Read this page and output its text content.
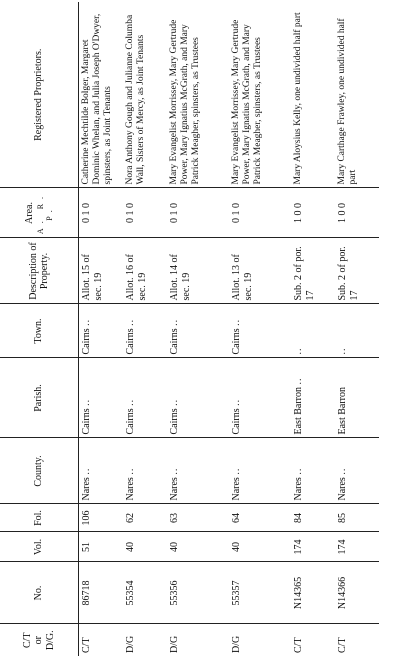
C/T or D/G.	No.	Vol.	Fol.	County.	Parish.	Town.	Description of Property.	Area. A. R. P.	Registered Proprietors.
C/T	86718	51	106	Nares ..	Cairns ..	Cairns ..	Allot. 15 of sec. 19	0 1 0	Catherine Mechtilde Bolger, Margaret Dominic Whelan, and Julia Joseph O'Dwyer, spinsters, as Joint Tenants
D/G	55354	40	62	Nares ..	Cairns ..	Cairns ..	Allot. 16 of sec. 19	0 1 0	Nora Anthony Gough and Julianne Columba Wall, Sisters of Mercy, as Joint Tenants
D/G	55356	40	63	Nares ..	Cairns ..	Cairns ..	Allot. 14 of sec. 19	0 1 0	Mary Evangelist Morrissey, Mary Gertrude Power, Mary Ignatius McGrath, and Mary Patrick Meagher, spinsters, as Trustees
D/G	55357	40	64	Nares ..	Cairns ..	Cairns ..	Allot. 13 of sec. 19	0 1 0	Mary Evangelist Morrissey, Mary Gertrude Power, Mary Ignatius McGrath, and Mary Patrick Meagher, spinsters, as Trustees
C/T	N14365	174	84	Nares ..	East Barron ..	..	Sub. 2 of por. 17	1 0 0	Mary Aloysius Kelly, one undivided half part
C/T	N14366	174	85	Nares ..	East Barron	..	Sub. 2 of por. 17	1 0 0	Mary Carthage Frawley, one undivided half part
